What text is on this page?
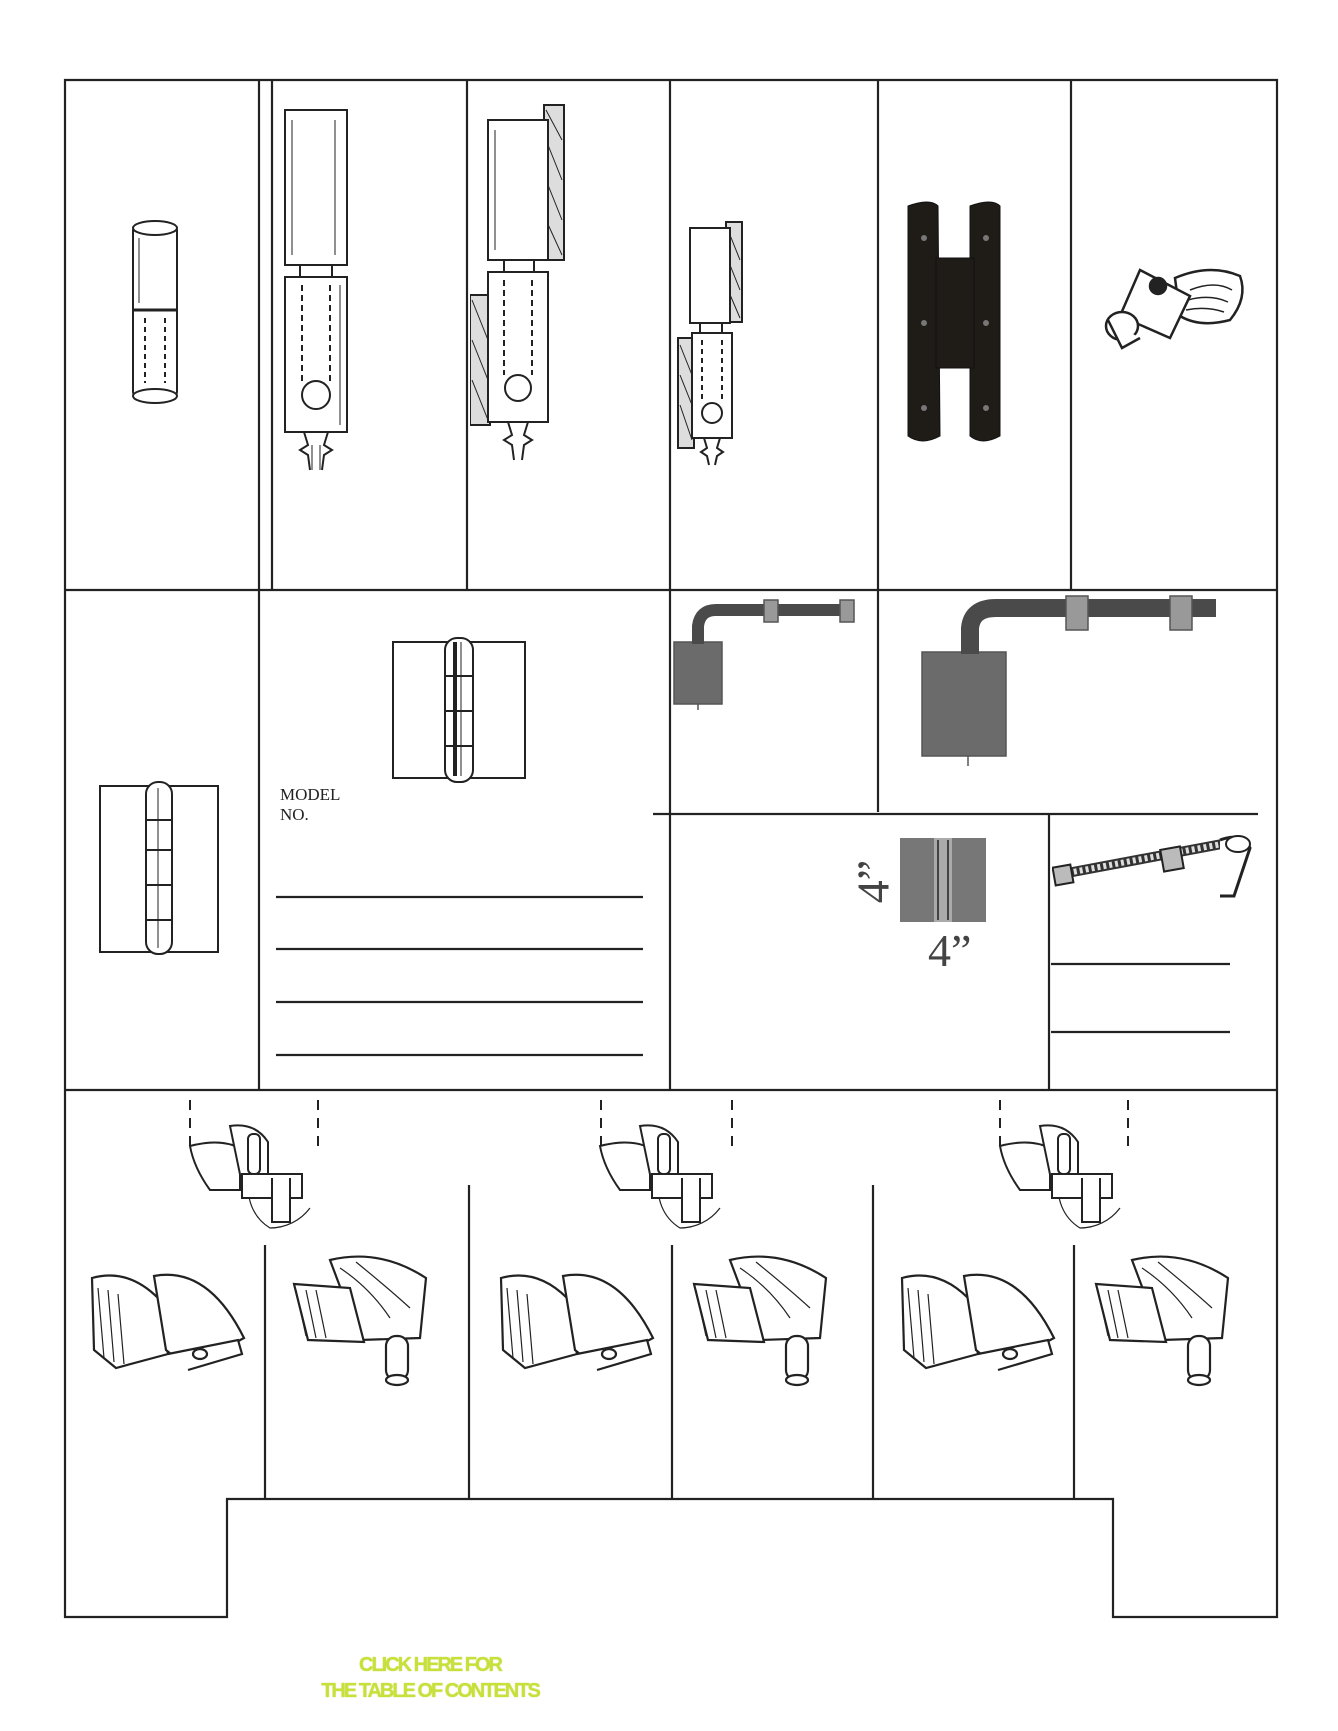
MODEL
NO.
4”
4”
CLICK HERE FOR
THE TABLE OF CONTENTS
